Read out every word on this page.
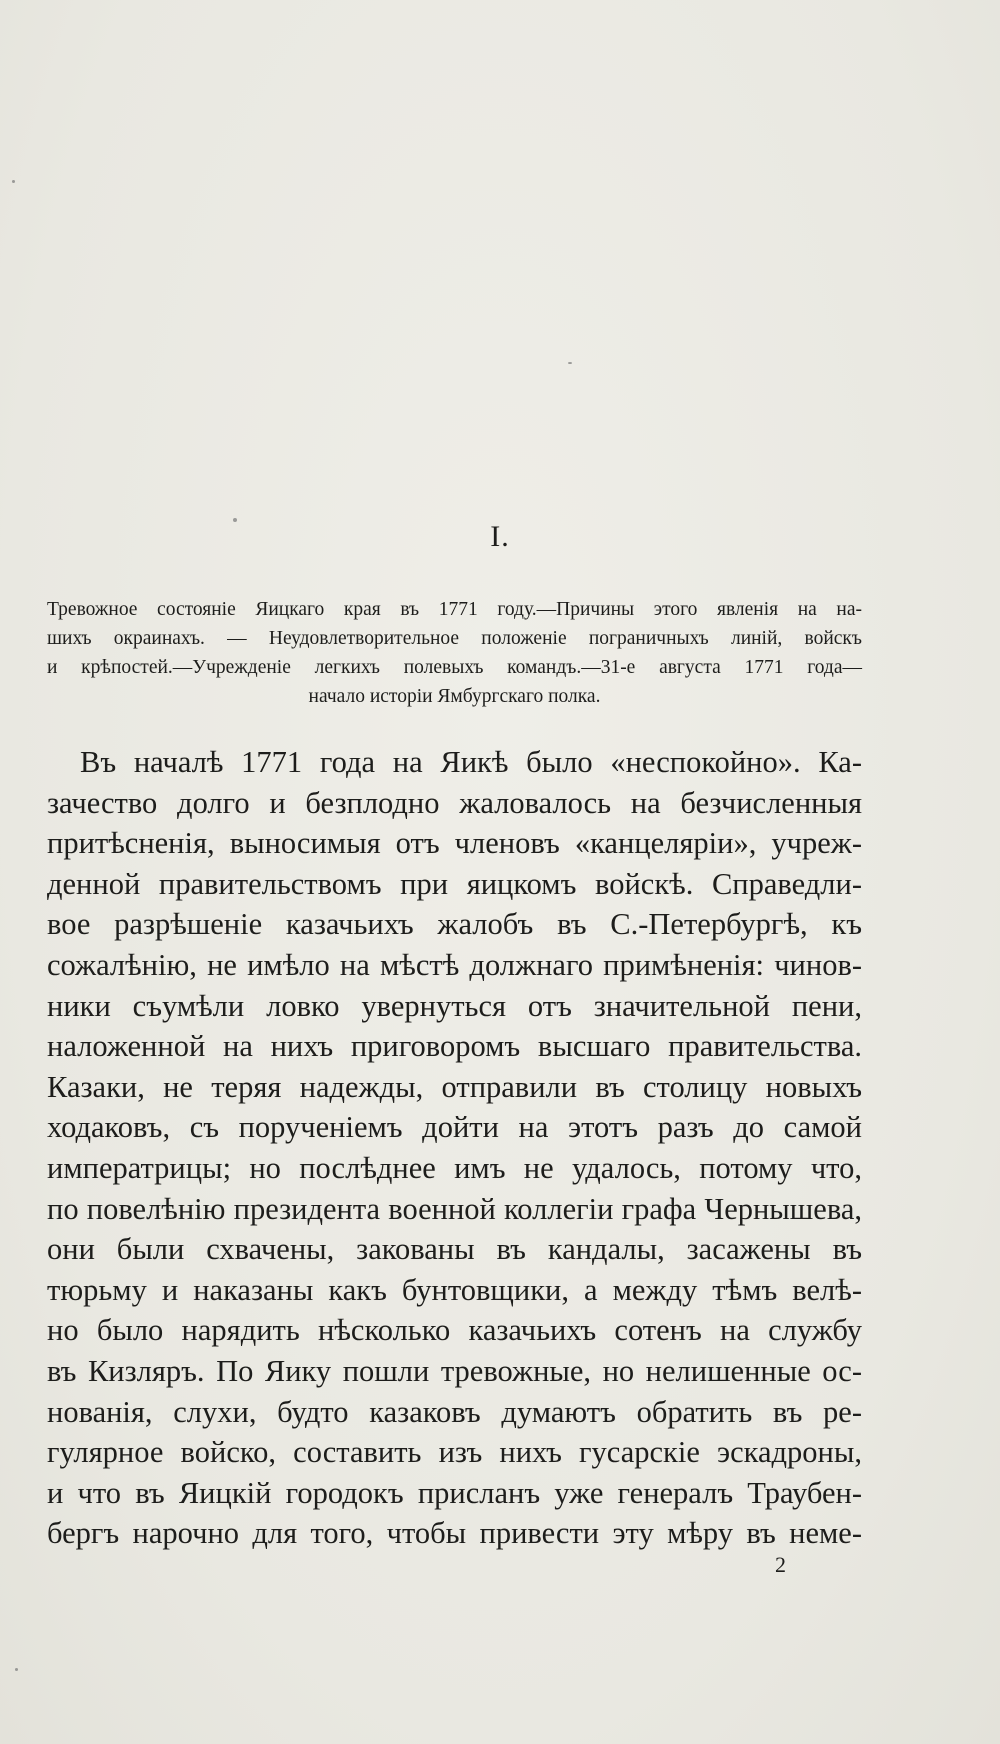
I.
Тревожное состоянiе Яицкаго края въ 1771 году.—Причины этого явленiя на на-
шихъ окраинахъ. — Неудовлетворительное положенiе пограничныхъ линiй, войскъ
и крѣпостей.—Учрежденiе легкихъ полевыхъ командъ.—31-е августа 1771 года—
начало исторiи Ямбургскаго полка.
Въ началѣ 1771 года на Яикѣ было «неспокойно». Ка-
зачество долго и безплодно жаловалось на безчисленныя
притѣсненiя, выносимыя отъ членовъ «канцелярiи», учреж-
денной правительствомъ при яицкомъ войскѣ. Справедли-
вое разрѣшенiе казачьихъ жалобъ въ С.-Петербургѣ, къ
сожалѣнiю, не имѣло на мѣстѣ должнаго примѣненiя: чинов-
ники съумѣли ловко увернуться отъ значительной пени,
наложенной на нихъ приговоромъ высшаго правительства.
Казаки, не теряя надежды, отправили въ столицу новыхъ
ходаковъ, съ порученiемъ дойти на этотъ разъ до самой
императрицы; но послѣднее имъ не удалось, потому что,
по повелѣнiю президента военной коллегiи графа Чернышева,
они были схвачены, закованы въ кандалы, засажены въ
тюрьму и наказаны какъ бунтовщики, а между тѣмъ велѣ-
но было нарядить нѣсколько казачьихъ сотенъ на службу
въ Кизляръ. По Яику пошли тревожные, но нелишенные ос-
нованiя, слухи, будто казаковъ думаютъ обратить въ ре-
гулярное войско, составить изъ нихъ гусарскiе эскадроны,
и что въ Яицкiй городокъ присланъ уже генералъ Траубен-
бергъ нарочно для того, чтобы привести эту мѣру въ неме-
2
